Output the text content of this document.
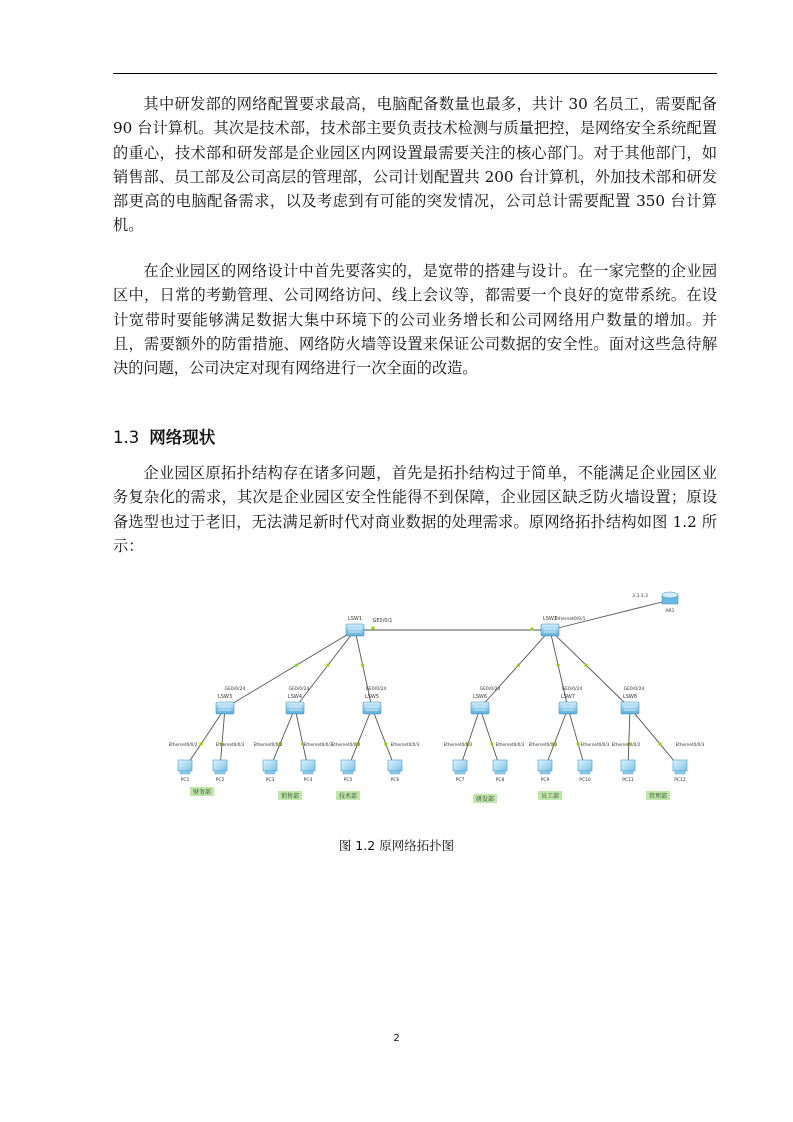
其中研发部的网络配置要求最高，电脑配备数量也最多，共计 30 名员工，需要配备 90 台计算机。其次是技术部，技术部主要负责技术检测与质量把控，是网络安全系统配置的重心，技术部和研发部是企业园区内网设置最需要关注的核心部门。对于其他部门，如销售部、员工部及公司高层的管理部，公司计划配置共 200 台计算机，外加技术部和研发部更高的电脑配备需求，以及考虑到有可能的突发情况，公司总计需要配置 350 台计算机。

在企业园区的网络设计中首先要落实的，是宽带的搭建与设计。在一家完整的企业园区中，日常的考勤管理、公司网络访问、线上会议等，都需要一个良好的宽带系统。在设计宽带时要能够满足数据大集中环境下的公司业务增长和公司网络用户数量的增加。并且，需要额外的防雷措施、网络防火墙等设置来保证公司数据的安全性。面对这些急待解决的问题，公司决定对现有网络进行一次全面的改造。

1.3 网络现状

企业园区原拓扑结构存在诸多问题，首先是拓扑结构过于简单，不能满足企业园区业务复杂化的需求，其次是企业园区安全性能得不到保障，企业园区缺乏防火墙设置；原设备选型也过于老旧，无法满足新时代对商业数据的处理需求。原网络拓扑结构如图 1.2 所示：

GE0/0/1	Ethernet0/0/1
GE0/0/24	GE0/0/24	GE0/0/24	GE0/0/24	GE0/0/24	GE0/0/24
Ethernet0/0/2	Ethernet0/0/3 Ethernet0/0/2	Ethernet0/0/3 Ethernet0/0/2	Ethernet0/0/3	Ethernet0/0/2	Ethernet0/0/3 Ethernet0/0/2	Ethernet0/0/3 Ethernet0/0/2	Ethernet0/0/3
LSW1	LSW2
LSW3	LSW4	LSW5	LSW6	LSW7	LSW8
PC1	PC2	PC3	PC4	PC5	PC6	PC7	PC8	PC9	PC10	PC11	PC12
AR1
3.3.3.3
财务部
销售部	技术部	研发部	员工部	管理部
图 1.2 原网络拓扑图
2
